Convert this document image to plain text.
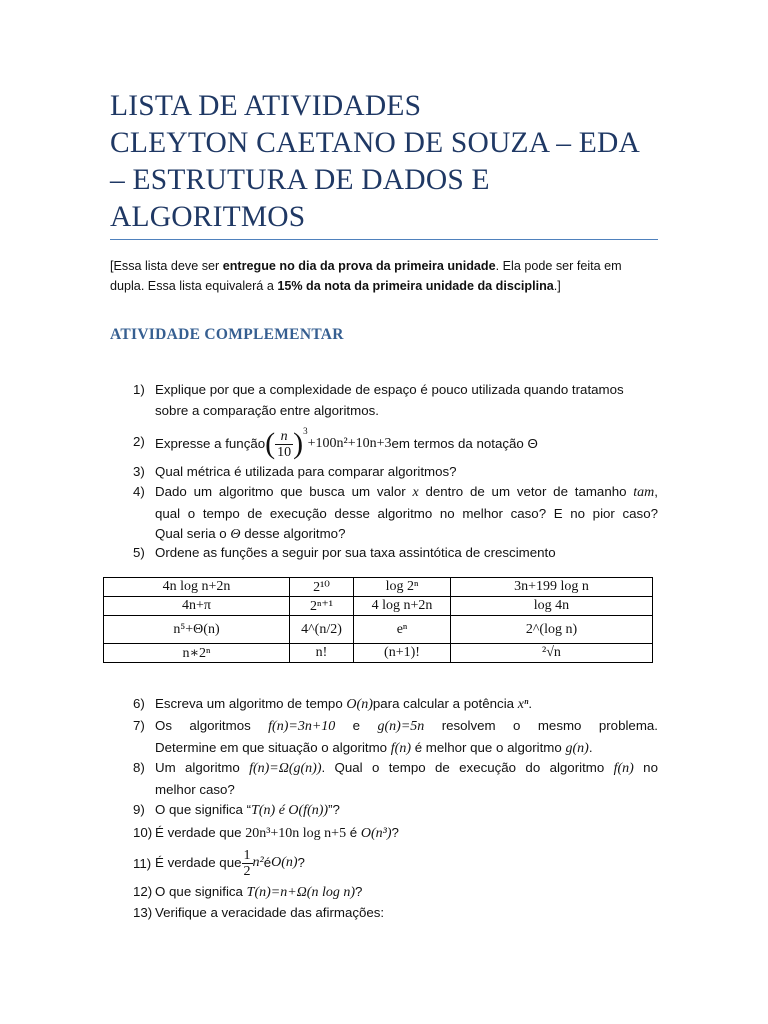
LISTA DE ATIVIDADES
CLEYTON CAETANO DE SOUZA – EDA
– ESTRUTURA DE DADOS E
ALGORITMOS
[Essa lista deve ser entregue no dia da prova da primeira unidade. Ela pode ser feita em dupla. Essa lista equivalerá a 15% da nota da primeira unidade da disciplina.]
ATIVIDADE COMPLEMENTAR
1) Explique por que a complexidade de espaço é pouco utilizada quando tratamos
sobre a comparação entre algoritmos.
2) Expresse a função( $\frac{n}{10} )^3+100n^2+10n+3em$ termos da notação Θ
3) Qual métrica é utilizada para comparar algoritmos?
4) Dado um algoritmo que busca um valor x dentro de um vetor de tamanho tam,
qual o tempo de execução desse algoritmo no melhor caso? E no pior caso?
Qual seria o Θ desse algoritmo?
5) Ordene as funções a seguir por sua taxa assintótica de crescimento
4n log n+2n	2¹⁰	log 2ⁿ	3n+199 log n
4n+π	2ⁿ⁺¹	4 log n+2n	log 4n
n⁵+Θ(n)	4^(n/2)	eⁿ	2^(log n)
n∗2ⁿ	n!	(n+1)!	²√n
6) Escreva um algoritmo de tempo O(n)para calcular a potência xⁿ.
7) Os algoritmos f(n)=3n+10 e g(n)=5n resolvem o mesmo problema.
Determine em que situação o algoritmo f(n) é melhor que o algoritmo g(n).
8) Um algoritmo f(n)=Ω(g(n)). Qual o tempo de execução do algoritmo f(n) no
melhor caso?
9) O que significa “T(n) é O(f(n))”?
10) É verdade que 20n³+10n log n+5 é O(n³)?
11) É verdade que $\frac{1}{2}$ n²éO(n)?
12) O que significa T(n)=n+Ω(n log n)?
13) Verifique a veracidade das afirmações:
